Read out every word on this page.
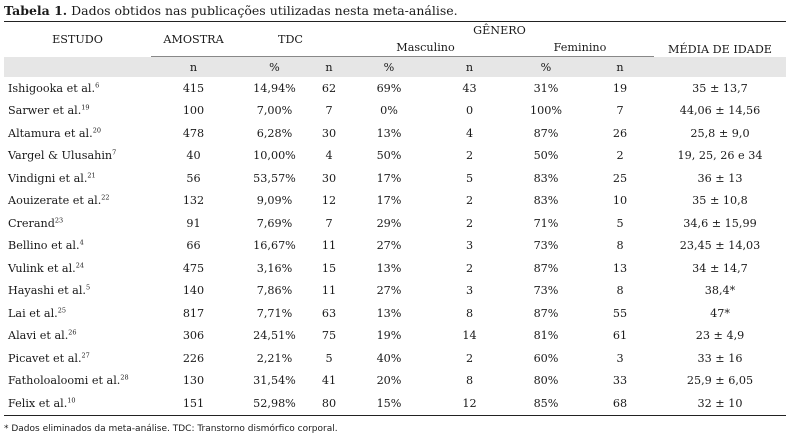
Tabela 1. Dados obtidos nas publicações utilizadas nesta meta-análise.
ESTUDO	AMOSTRA	TDC		GÊNERO				MÉDIA DE IDADE
				Masculino		Feminino		
	n	%	n	%	n	%	n	
Ishigooka et al.$^6$	415	14,94%	62	69%	43	31%	19	35 ± 13,7
Sarwer et al.$^{19}$	100	7,00%	7	0%	0	100%	7	44,06 ± 14,56
Altamura et al.$^{20}$	478	6,28%	30	13%	4	87%	26	25,8 ± 9,0
Vargel & Ulusahin$^7$	40	10,00%	4	50%	2	50%	2	19, 25, 26 e 34
Vindigni et al.$^{21}$	56	53,57%	30	17%	5	83%	25	36 ± 13
Aouizerate et al.$^{22}$	132	9,09%	12	17%	2	83%	10	35 ± 10,8
Crerand$^{23}$	91	7,69%	7	29%	2	71%	5	34,6 ± 15,99
Bellino et al.$^4$	66	16,67%	11	27%	3	73%	8	23,45 ± 14,03
Vulink et al.$^{24}$	475	3,16%	15	13%	2	87%	13	34 ± 14,7
Hayashi et al.$^5$	140	7,86%	11	27%	3	73%	8	38,4*
Lai et al.$^{25}$	817	7,71%	63	13%	8	87%	55	47*
Alavi et al.$^{26}$	306	24,51%	75	19%	14	81%	61	23 ± 4,9
Picavet et al.$^{27}$	226	2,21%	5	40%	2	60%	3	33 ± 16
Fatholoaloomi et al.$^{28}$	130	31,54%	41	20%	8	80%	33	25,9 ± 6,05
Felix et al.$^{10}$	151	52,98%	80	15%	12	85%	68	32 ± 10
* Dados eliminados da meta-análise. TDC: Transtorno dismórfico corporal.
